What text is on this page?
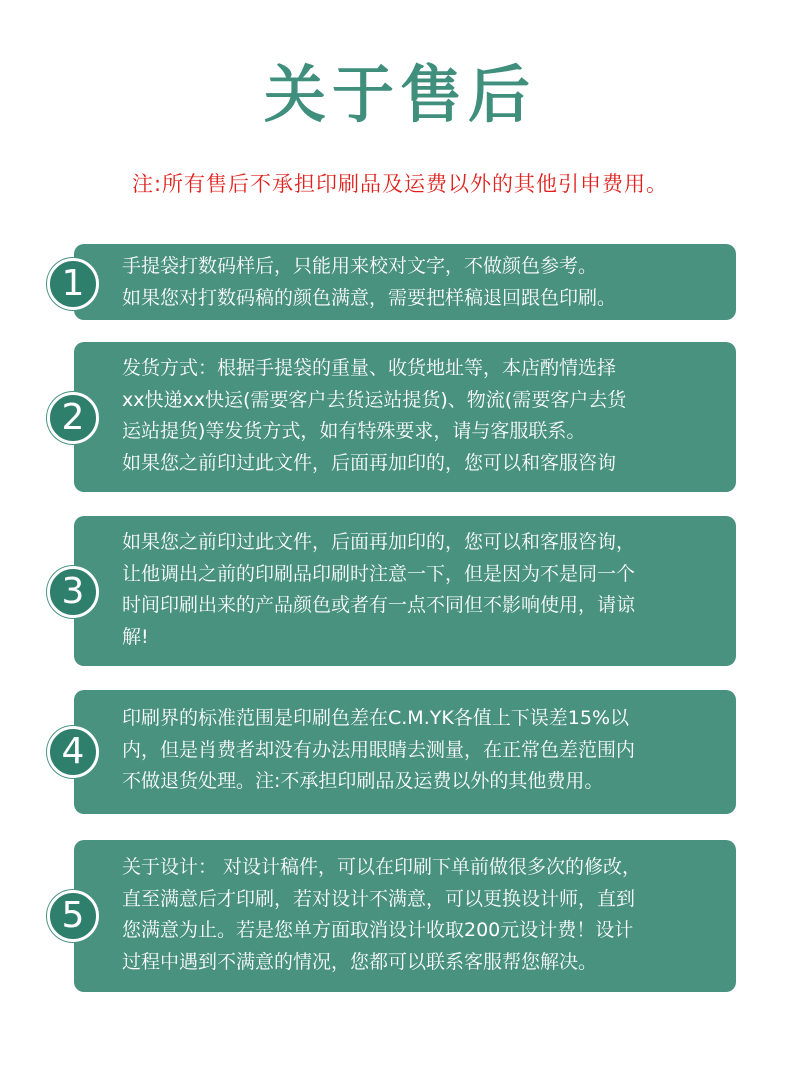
关于售后
注:所有售后不承担印刷品及运费以外的其他引申费用。
手提袋打数码样后，只能用来校对文字，不做颜色参考。
如果您对打数码稿的颜色满意，需要把样稿退回跟色印刷。
1
发货方式：根据手提袋的重量、收货地址等，本店酌情选择
xx快递xx快运(需要客户去货运站提货)、物流(需要客户去货
运站提货)等发货方式，如有特殊要求，请与客服联系。
如果您之前印过此文件，后面再加印的，您可以和客服咨询
2
如果您之前印过此文件，后面再加印的，您可以和客服咨询，
让他调出之前的印刷品印刷时注意一下，但是因为不是同一个
时间印刷出来的产品颜色或者有一点不同但不影响使用，请谅
解!
3
印刷界的标准范围是印刷色差在C.M.YK各值上下误差15%以
内，但是肖费者却没有办法用眼睛去测量，在正常色差范围内
不做退货处理。注:不承担印刷品及运费以外的其他费用。
4
关于设计： 对设计稿件，可以在印刷下单前做很多次的修改，
直至满意后才印刷，若对设计不满意，可以更换设计师，直到
您满意为止。若是您单方面取消设计收取200元设计费！设计
过程中遇到不满意的情况，您都可以联系客服帮您解决。
5
